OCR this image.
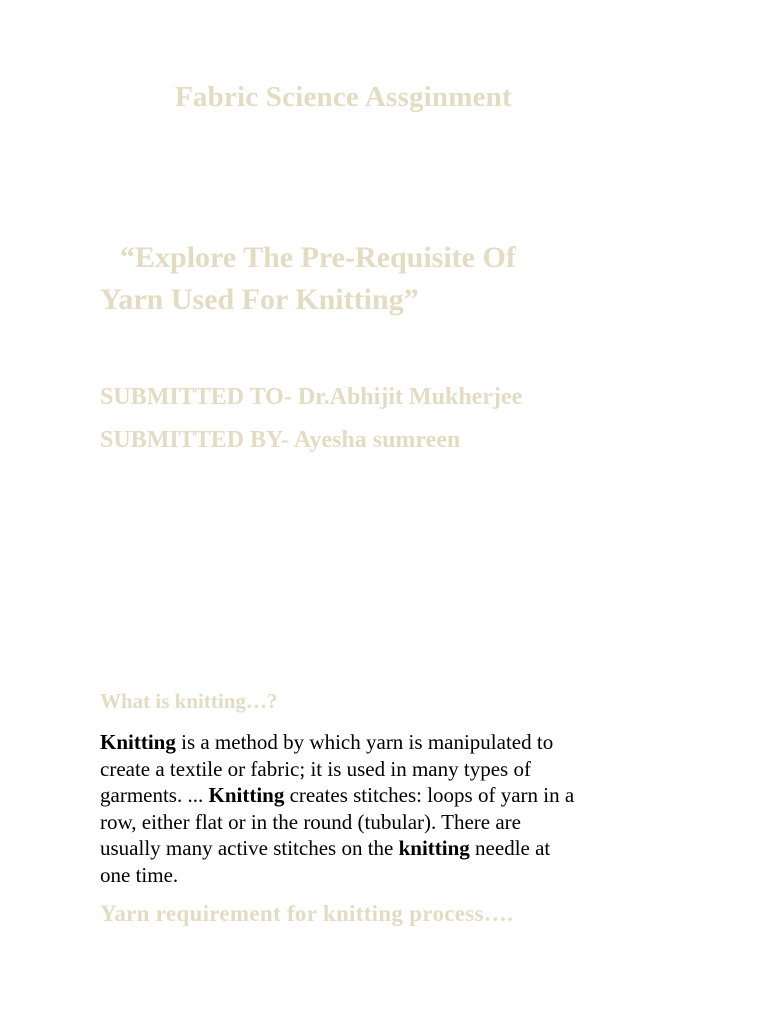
Fabric Science Assginment
“Explore The Pre-Requisite Of
Yarn Used For Knitting”

SUBMITTED TO- Dr.Abhijit Mukherjee

SUBMITTED BY- Ayesha sumreen

What is knitting…?

Knitting is a method by which yarn is manipulated to
create a textile or fabric; it is used in many types of
garments. ... Knitting creates stitches: loops of yarn in a
row, either flat or in the round (tubular). There are
usually many active stitches on the knitting needle at
one time.

Yarn requirement for knitting process….
